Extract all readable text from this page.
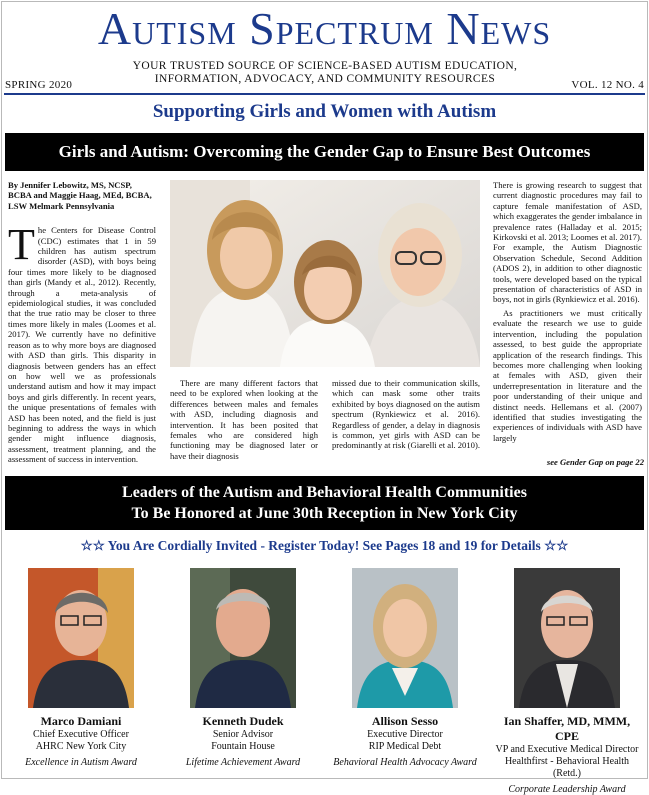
Autism Spectrum News
SPRING 2020
YOUR TRUSTED SOURCE OF SCIENCE-BASED AUTISM EDUCATION,
INFORMATION, ADVOCACY, AND COMMUNITY RESOURCES	VOL. 12 NO. 4
Supporting Girls and Women with Autism
Girls and Autism: Overcoming the Gender Gap to Ensure Best Outcomes
By Jennifer Lebowitz, MS, NCSP, BCBA and Maggie Haag, MEd, BCBA, LSW Melmark Pennsylvania
T he Centers for Disease Control (CDC) estimates that 1 in 59 children has autism spectrum disorder (ASD), with boys being four times more likely to be diagnosed than girls (Mandy et al., 2012). Recently, through a meta-analysis of epidemiological studies, it was concluded that the true ratio may be closer to three times more likely in males (Loomes et al. 2017). We currently have no definitive reason as to why more boys are diagnosed with ASD than girls. This disparity in diagnosis between genders has an effect on how well we as professionals understand autism and how it may impact boys and girls differently. In recent years, the unique presentations of females with ASD has been noted, and the field is just beginning to address the ways in which gender might influence diagnosis, assessment, treatment planning, and the assessment of success in intervention.
There are many different factors that need to be explored when looking at the differences between males and females with ASD, including diagnosis and intervention. It has been posited that females who are considered high functioning may be diagnosed later or have their diagnosis
missed due to their communication skills, which can mask some other traits exhibited by boys diagnosed on the autism spectrum (Rynkiewicz et al. 2016). Regardless of gender, a delay in diagnosis is common, yet girls with ASD can be predominantly at risk (Giarelli et al. 2010).
There is growing research to suggest that current diagnostic procedures may fail to capture female manifestation of ASD, which exaggerates the gender imbalance in prevalence rates (Halladay et al. 2015; Kirkovski et al. 2013; Loomes et al. 2017). For example, the Autism Diagnostic Observation Schedule, Second Addition (ADOS 2), in addition to other diagnostic tools, were developed based on the typical presentation of characteristics of ASD in boys, not in girls (Rynkiewicz et al. 2016).
As practitioners we must critically evaluate the research we use to guide intervention, including the population assessed, to best guide the appropriate application of the research findings. This becomes more challenging when looking at females with ASD, given their underrepresentation in literature and the poor understanding of their unique and distinct needs. Hellemans et al. (2007) identified that studies investigating the experiences of individuals with ASD have largely
see Gender Gap on page 22
Leaders of the Autism and Behavioral Health Communities
To Be Honored at June 30th Reception in New York City
☆☆ You Are Cordially Invited - Register Today! See Pages 18 and 19 for Details ☆☆
Marco Damiani
Chief Executive Officer
AHRC New York City
Excellence in Autism Award
Kenneth Dudek
Senior Advisor
Fountain House
Lifetime Achievement Award
Allison Sesso
Executive Director
RIP Medical Debt
Behavioral Health Advocacy Award
Ian Shaffer, MD, MMM, CPE
VP and Executive Medical Director
Healthfirst - Behavioral Health (Retd.)
Corporate Leadership Award
